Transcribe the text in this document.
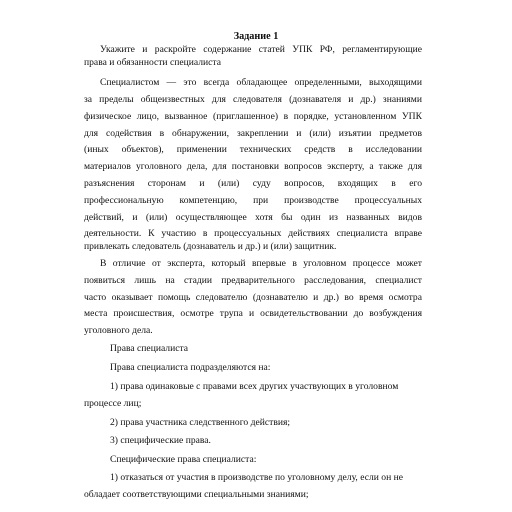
Задание 1
Укажите и раскройте содержание статей УПК РФ, регламентирующие
права и обязанности специалиста
Специалистом — это всегда обладающее определенными, выходящими
за пределы общеизвестных для следователя (дознавателя и др.) знаниями
физическое лицо, вызванное (приглашенное) в порядке, установленном УПК
для содействия в обнаружении, закреплении и (или) изъятии предметов
(иных объектов), применении технических средств в исследовании
материалов уголовного дела, для постановки вопросов эксперту, а также для
разъяснения сторонам и (или) суду вопросов, входящих в его
профессиональную компетенцию, при производстве процессуальных
действий, и (или) осуществляющее хотя бы один из названных видов
деятельности. К участию в процессуальных действиях специалиста вправе
привлекать следователь (дознаватель и др.) и (или) защитник.
В отличие от эксперта, который впервые в уголовном процессе может
появиться лишь на стадии предварительного расследования, специалист
часто оказывает помощь следователю (дознавателю и др.) во время осмотра
места происшествия, осмотре трупа и освидетельствовании до возбуждения
уголовного дела.
Права специалиста
Права специалиста подразделяются на:
1) права одинаковые с правами всех других участвующих в уголовном
процессе лиц;
2) права участника следственного действия;
3) специфические права.
Специфические права специалиста:
1) отказаться от участия в производстве по уголовному делу, если он не
обладает соответствующими специальными знаниями;
